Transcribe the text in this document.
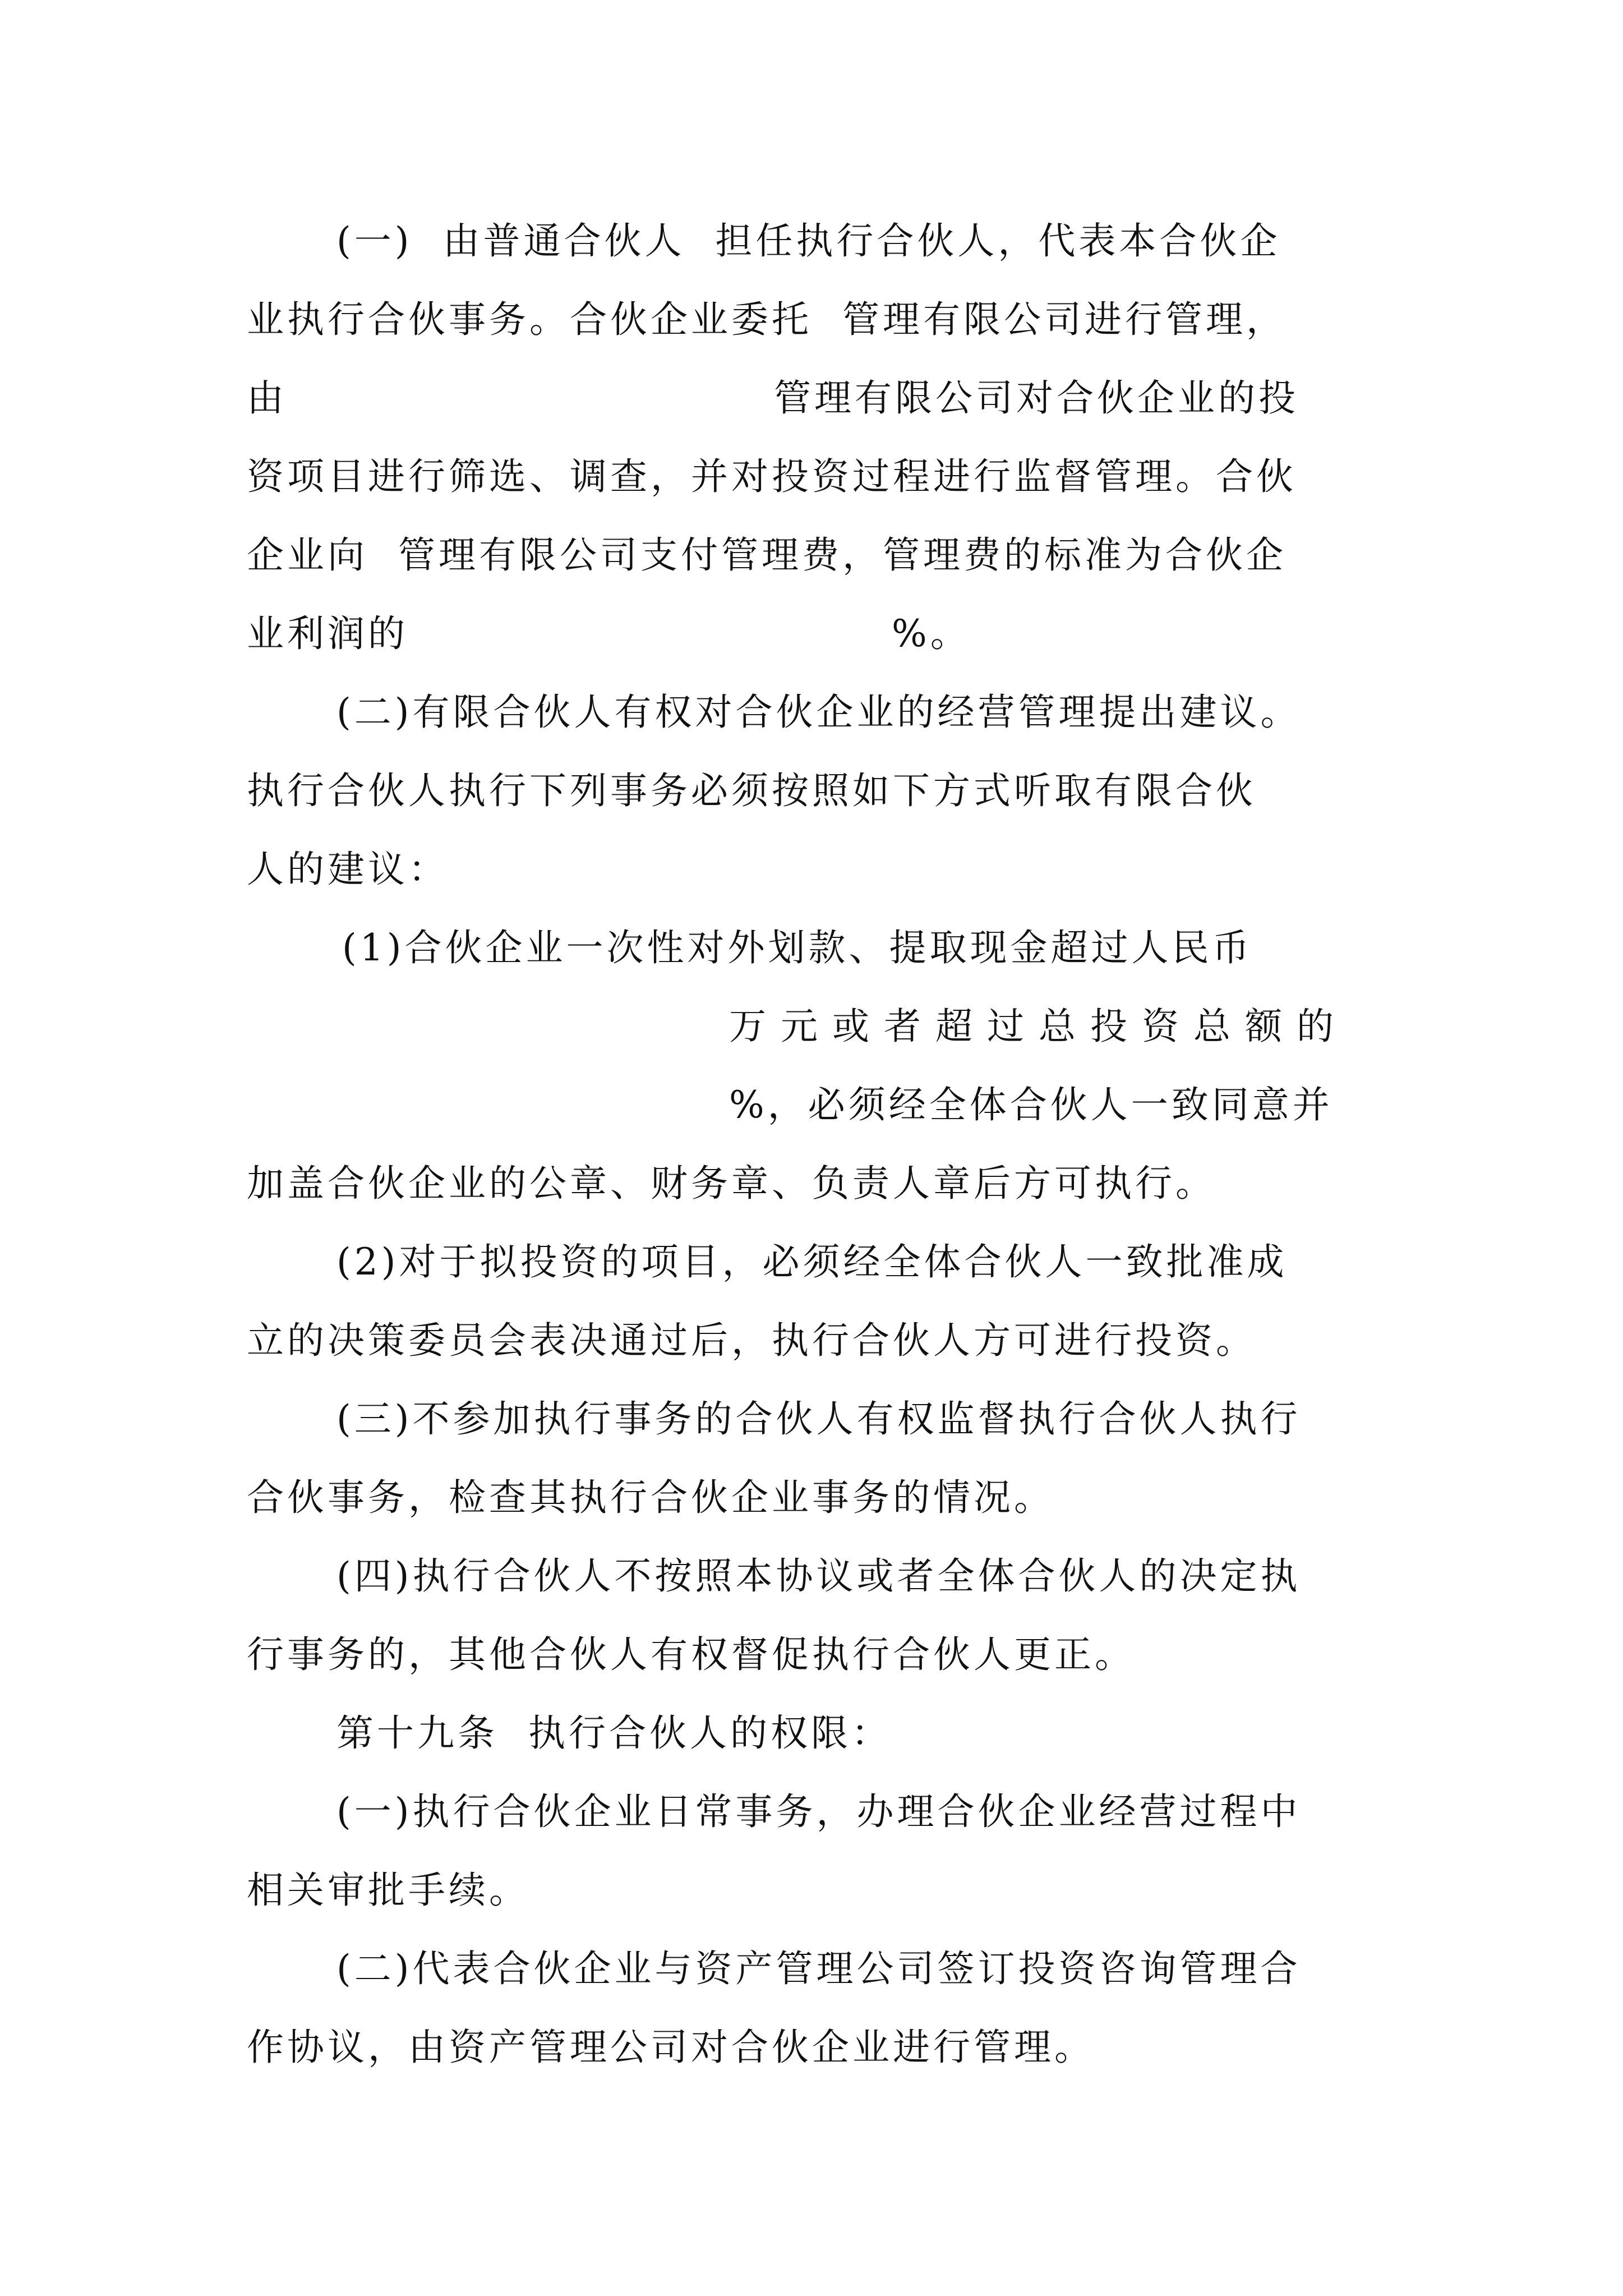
(一)  由普通合伙人  担任执行合伙人，代表本合伙企

业执行合伙事务。合伙企业委托  管理有限公司进行管理，

由	管理有限公司对合伙企业的投

资项目进行筛选、调查，并对投资过程进行监督管理。合伙

企业向  管理有限公司支付管理费，管理费的标准为合伙企

业利润的	%。

(二)有限合伙人有权对合伙企业的经营管理提出建议。

执行合伙人执行下列事务必须按照如下方式听取有限合伙

人的建议：

(1)合伙企业一次性对外划款、提取现金超过人民币

万元或者超过总投资总额的

%，必须经全体合伙人一致同意并

加盖合伙企业的公章、财务章、负责人章后方可执行。

(2)对于拟投资的项目，必须经全体合伙人一致批准成

立的决策委员会表决通过后，执行合伙人方可进行投资。

(三)不参加执行事务的合伙人有权监督执行合伙人执行

合伙事务，检查其执行合伙企业事务的情况。

(四)执行合伙人不按照本协议或者全体合伙人的决定执

行事务的，其他合伙人有权督促执行合伙人更正。

第十九条  执行合伙人的权限：

(一)执行合伙企业日常事务，办理合伙企业经营过程中

相关审批手续。

(二)代表合伙企业与资产管理公司签订投资咨询管理合

作协议，由资产管理公司对合伙企业进行管理。
